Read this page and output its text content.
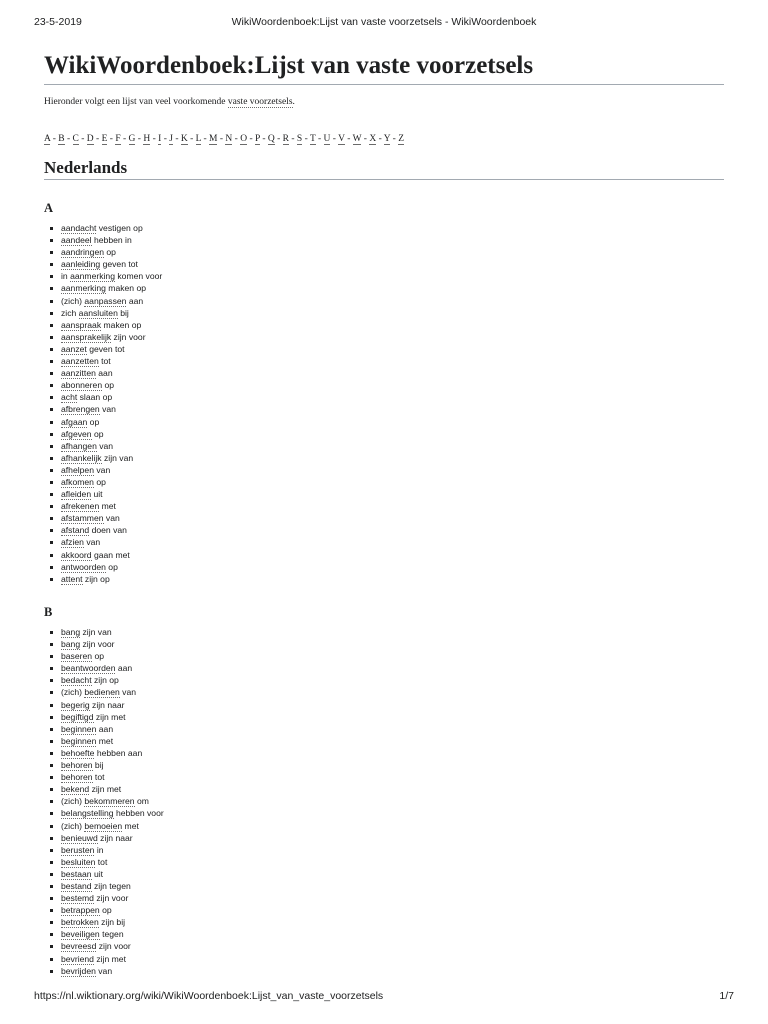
23-5-2019	WikiWoordenboek:Lijst van vaste voorzetsels - WikiWoordenboek
WikiWoordenboek:Lijst van vaste voorzetsels
Hieronder volgt een lijst van veel voorkomende vaste voorzetsels.
A - B - C - D - E - F - G - H - I - J - K - L - M - N - O - P - Q - R - S - T - U - V - W - X - Y - Z
Nederlands
A
aandacht vestigen op
aandeel hebben in
aandringen op
aanleiding geven tot
in aanmerking komen voor
aanmerking maken op
(zich) aanpassen aan
zich aansluiten bij
aanspraak maken op
aansprakelijk zijn voor
aanzet geven tot
aanzetten tot
aanzitten aan
abonneren op
acht slaan op
afbrengen van
afgaan op
afgeven op
afhangen van
afhankelijk zijn van
afhelpen van
afkomen op
afleiden uit
afrekenen met
afstammen van
afstand doen van
afzien van
akkoord gaan met
antwoorden op
attent zijn op
B
bang zijn van
bang zijn voor
baseren op
beantwoorden aan
bedacht zijn op
(zich) bedienen van
begerig zijn naar
begiftigd zijn met
beginnen aan
beginnen met
behoefte hebben aan
behoren bij
behoren tot
bekend zijn met
(zich) bekommeren om
belangstelling hebben voor
(zich) bemoeien met
benieuwd zijn naar
berusten in
besluiten tot
bestaan uit
bestand zijn tegen
bestemd zijn voor
betrappen op
betrokken zijn bij
beveiligen tegen
bevreesd zijn voor
bevriend zijn met
bevrijden van
https://nl.wiktionary.org/wiki/WikiWoordenboek:Lijst_van_vaste_voorzetsels	1/7
